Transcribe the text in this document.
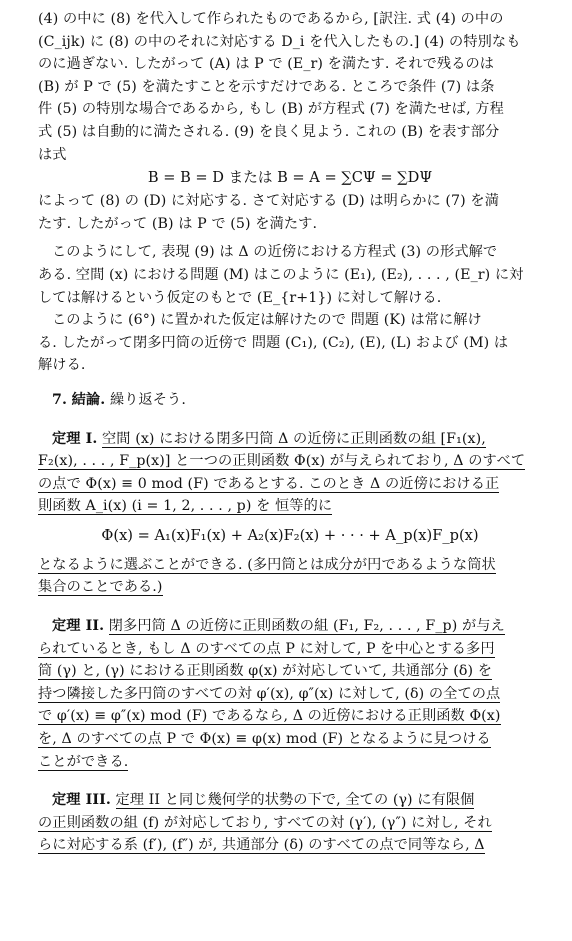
(4) の中に (8) を代入して作られたものであるから, [訳注. 式 (4) の中の
(C_ijk) に (8) の中のそれに対応する D_i を代入したもの.] (4) の特別なも
のに過ぎない. したがって (A) は P で (E_r) を満たす. それで残るのは
(B) が P で (5) を満たすことを示すだけである. ところで条件 (7) は条
件 (5) の特別な場合であるから, もし (B) が方程式 (7) を満たせば, 方程
式 (5) は自動的に満たされる. (9) を良く見よう. これの (B) を表す部分
は式
B = B = D または B = A = ∑CΨ = ∑DΨ
によって (8) の (D) に対応する. さて対応する (D) は明らかに (7) を満
たす. したがって (B) は P で (5) を満たす.
このようにして, 表現 (9) は Δ の近傍における方程式 (3) の形式解で
ある. 空間 (x) における問題 (M) はこのように (E₁), (E₂), . . . , (E_r) に対
しては解けるという仮定のもとで (E_{r+1}) に対して解ける.
このように (6°) に置かれた仮定は解けたので 問題 (K) は常に解け
る. したがって閉多円筒の近傍で 問題 (C₁), (C₂), (E), (L) および (M) は
解ける.
7. 結論. 繰り返そう.
定理 I. 空間 (x) における閉多円筒 Δ の近傍に正則函数の組 [F₁(x),
F₂(x), . . . , F_p(x)] と一つの正則函数 Φ(x) が与えられており, Δ のすべて
の点で Φ(x) ≡ 0 mod (F) であるとする. このとき Δ の近傍における正
則函数 A_i(x) (i = 1, 2, . . . , p) を 恒等的に
Φ(x) = A₁(x)F₁(x) + A₂(x)F₂(x) + · · · + A_p(x)F_p(x)
となるように選ぶことができる. (多円筒とは成分が円であるような筒状
集合のことである.)
定理 II. 閉多円筒 Δ の近傍に正則函数の組 (F₁, F₂, . . . , F_p) が与え
られているとき, もし Δ のすべての点 P に対して, P を中心とする多円
筒 (γ) と, (γ) における正則函数 φ(x) が対応していて, 共通部分 (δ) を
持つ隣接した多円筒のすべての対 φ′(x), φ″(x) に対して, (δ) の全ての点
で φ′(x) ≡ φ″(x) mod (F) であるなら, Δ の近傍における正則函数 Φ(x)
を, Δ のすべての点 P で Φ(x) ≡ φ(x) mod (F) となるように見つける
ことができる.
定理 III. 定理 II と同じ幾何学的状勢の下で, 全ての (γ) に有限個
の正則函数の組 (f) が対応しており, すべての対 (γ′), (γ″) に対し, それ
らに対応する系 (f′), (f″) が, 共通部分 (δ) のすべての点で同等なら, Δ
